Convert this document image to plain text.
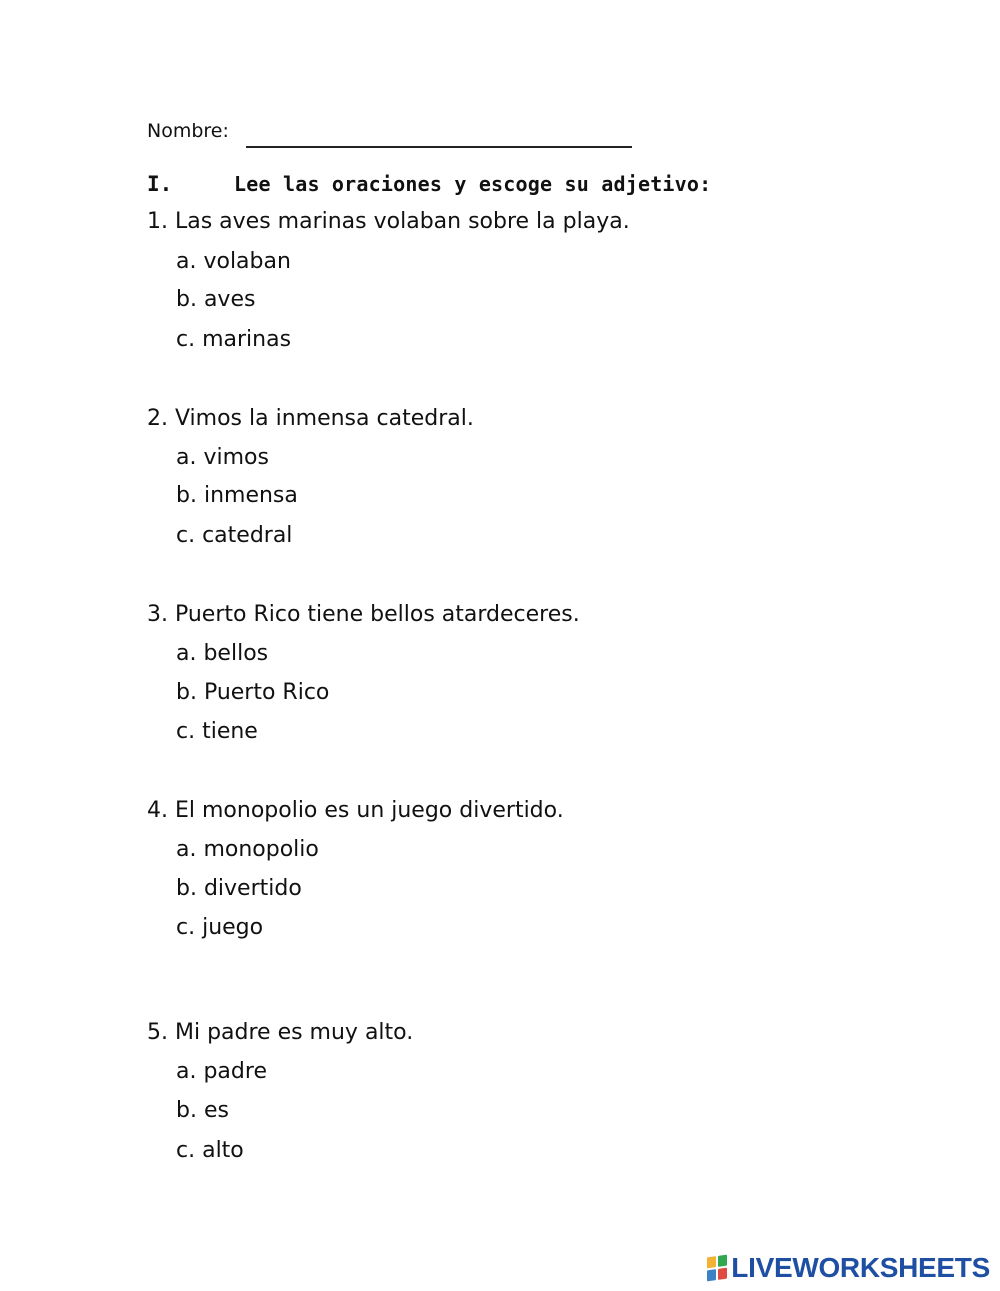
Nombre:
I.	Lee las oraciones y escoge su adjetivo:
1. Las aves marinas volaban sobre la playa.
a. volaban
b. aves
c. marinas
2. Vimos la inmensa catedral.
a. vimos
b. inmensa
c. catedral
3. Puerto Rico tiene bellos atardeceres.
a. bellos
b. Puerto Rico
c. tiene
4. El monopolio es un juego divertido.
a. monopolio
b. divertido
c. juego
5. Mi padre es muy alto.
a. padre
b. es
c. alto
LIVEWORKSHEETS
